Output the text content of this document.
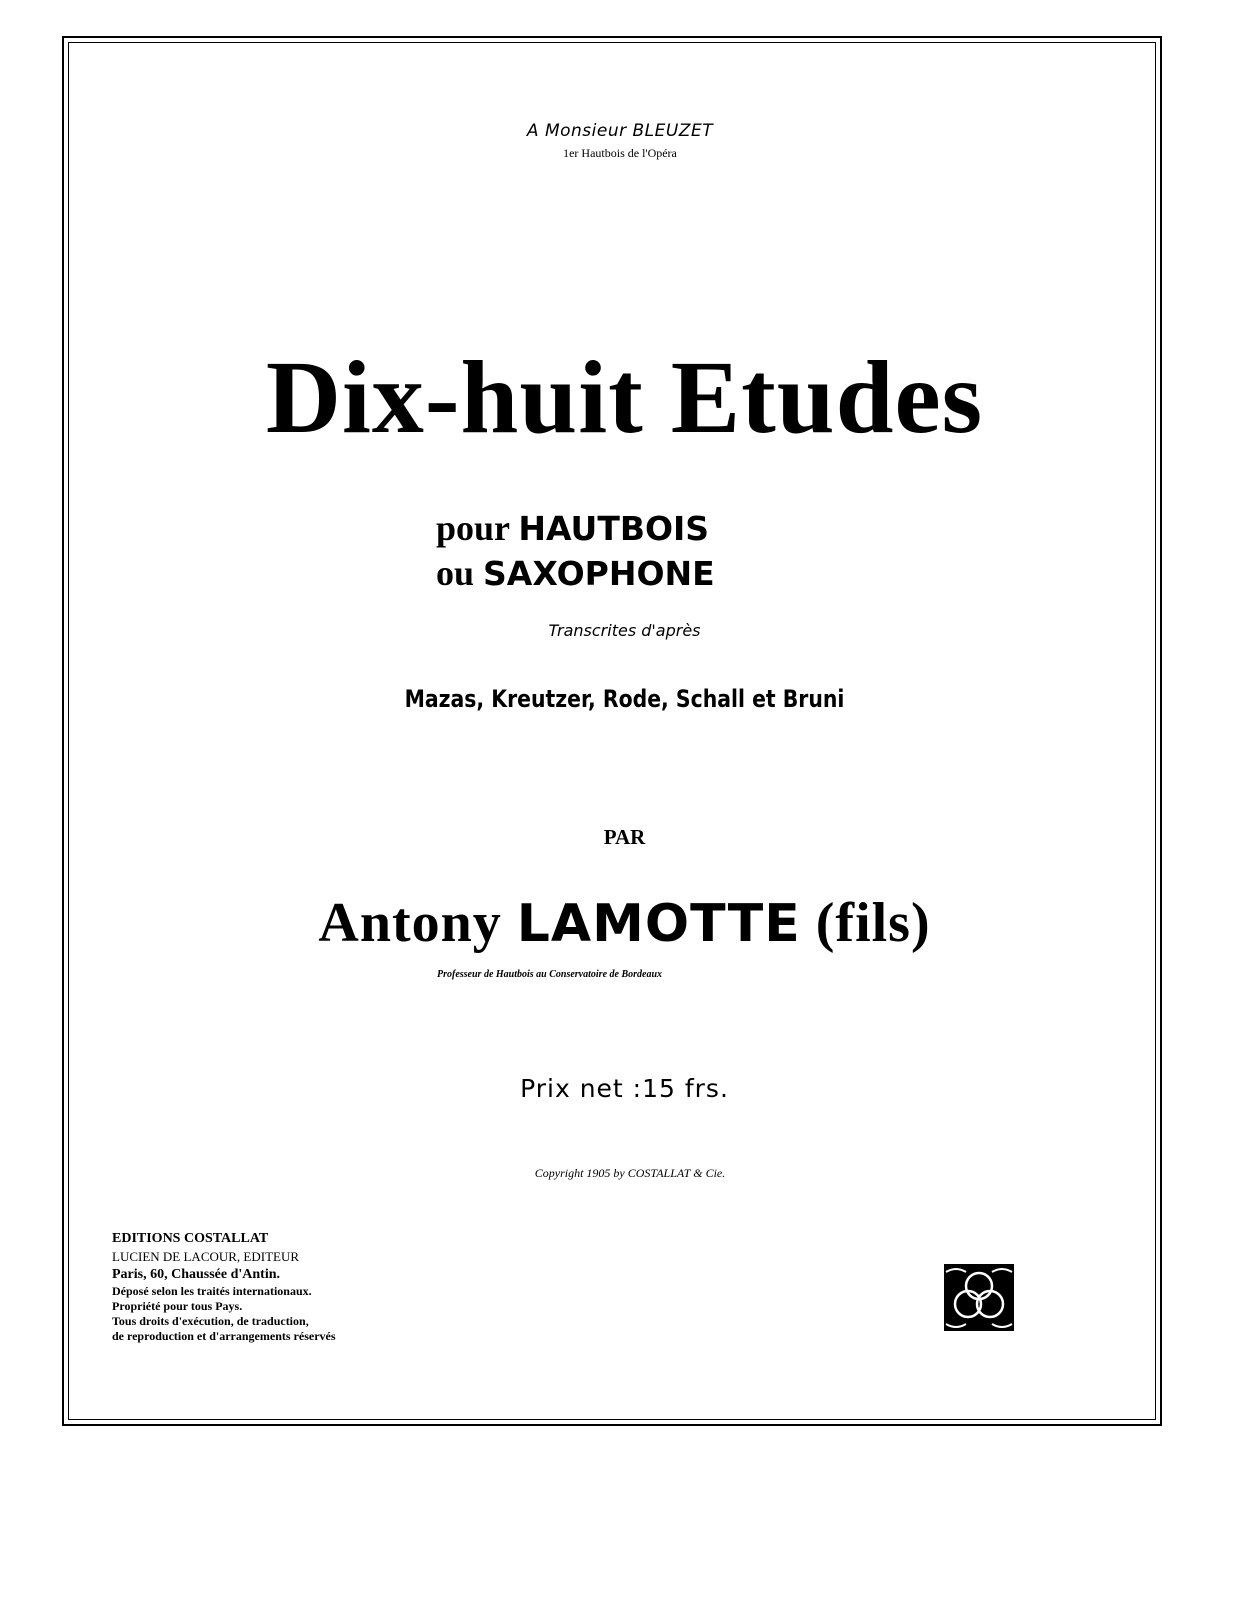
A Monsieur BLEUZET
1er Hautbois de l'Opéra
Dix-huit Etudes
pour HAUTBOIS
ou SAXOPHONE
Transcrites d'après
Mazas, Kreutzer, Rode, Schall et Bruni
PAR
Antony LAMOTTE (fils)
Professeur de Hautbois au Conservatoire de Bordeaux
Prix net :15 frs.
Copyright 1905 by COSTALLAT & Cie.
EDITIONS COSTALLAT
LUCIEN DE LACOUR, EDITEUR
Paris, 60, Chaussée d'Antin.
Déposé selon les traités internationaux.
Propriété pour tous Pays.
Tous droits d'exécution, de traduction,
de reproduction et d'arrangements réservés
